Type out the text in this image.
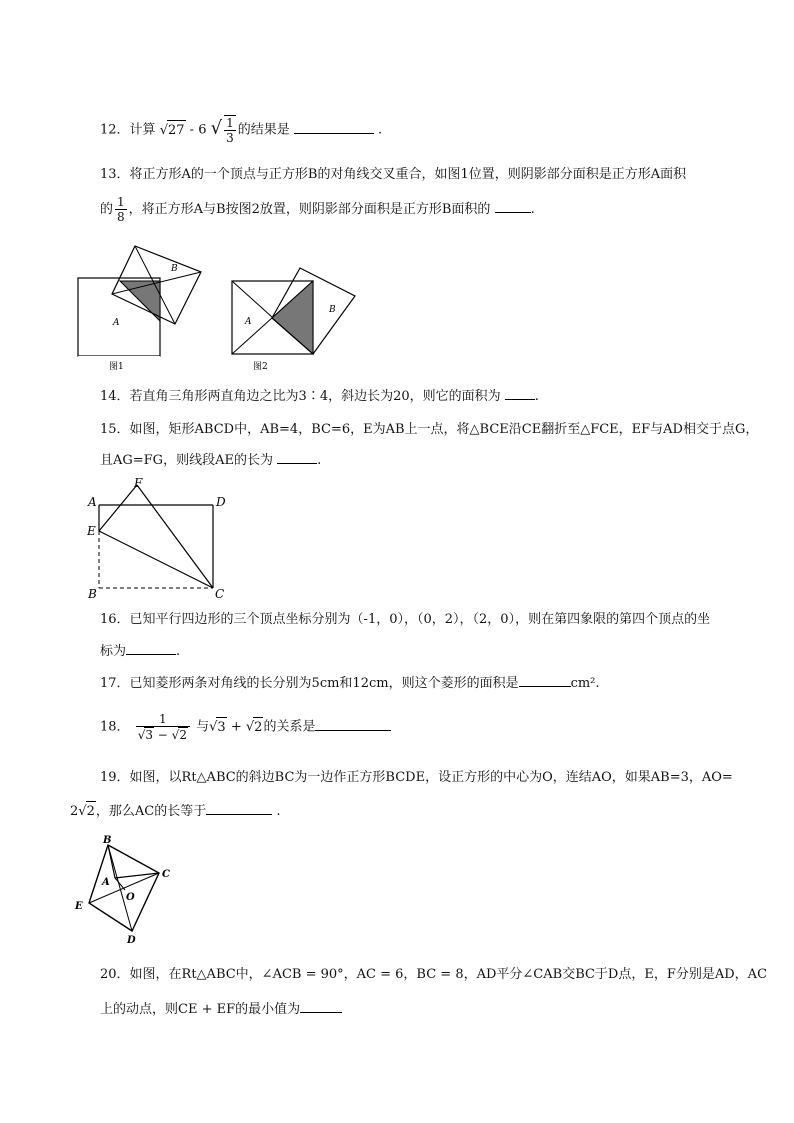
12．计算 √27 - 6 √ $\frac{1}{3}$ 的结果是	.
13．将正方形A的一个顶点与正方形B的对角线交叉重合，如图1位置，则阴影部分面积是正方形A面积
的 $\frac{1}{8}$ ，将正方形A与B按图2放置，则阴影部分面积是正方形B面积的	.
B
A
图1
B
A
图2
14．若直角三角形两直角边之比为3∶4，斜边长为20，则它的面积为	.
15．如图，矩形ABCD中，AB=4，BC=6，E为AB上一点，将△BCE沿CE翻折至△FCE，EF与AD相交于点G，
且AG=FG，则线段AE的长为	.
A
F
D
E
B	C
16．已知平行四边形的三个顶点坐标分别为（-1，0），（0，2），（2，0），则在第四象限的第四个顶点的坐
标为	.
17．已知菱形两条对角线的长分别为5cm和12cm，则这个菱形的面积是	cm².
18． $\frac{1}{√3 - √2}$ 与√3 + √2的关系是
19．如图，以Rt△ABC的斜边BC为一边作正方形BCDE，设正方形的中心为O，连结AO，如果AB=3，AO=
2√2，那么AC的长等于	.
B
C
A
O
E
D
20．如图，在Rt△ABC中，∠ACB = 90°，AC = 6，BC = 8，AD平分∠CAB交BC于D点，E，F分别是AD，AC
上的动点，则CE + EF的最小值为
